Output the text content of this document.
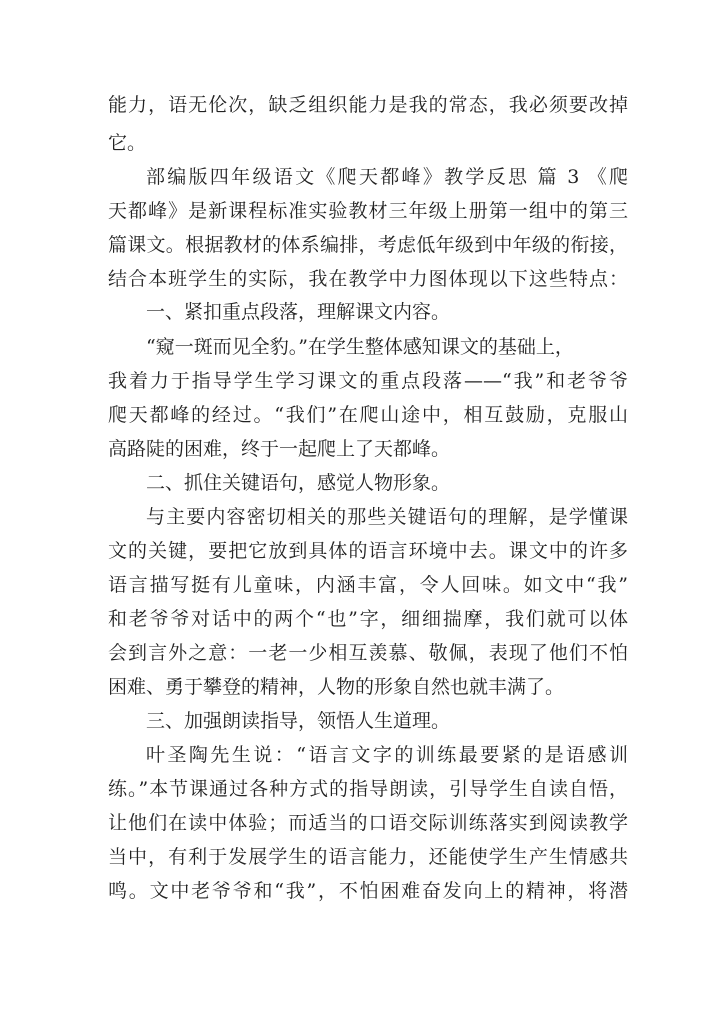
能力，语无伦次，缺乏组织能力是我的常态，我必须要改掉

它。

部编版四年级语文《爬天都峰》教学反思 篇 3 《爬

天都峰》是新课程标准实验教材三年级上册第一组中的第三

篇课文。根据教材的体系编排，考虑低年级到中年级的衔接，

结合本班学生的实际，我在教学中力图体现以下这些特点：

一、紧扣重点段落，理解课文内容。

“窥一斑而见全豹。”在学生整体感知课文的基础上，

我着力于指导学生学习课文的重点段落——“我”和老爷爷

爬天都峰的经过。“我们”在爬山途中，相互鼓励，克服山

高路陡的困难，终于一起爬上了天都峰。

二、抓住关键语句，感觉人物形象。

与主要内容密切相关的那些关键语句的理解，是学懂课

文的关键，要把它放到具体的语言环境中去。课文中的许多

语言描写挺有儿童味，内涵丰富，令人回味。如文中“我”

和老爷爷对话中的两个“也”字，细细揣摩，我们就可以体

会到言外之意：一老一少相互羡慕、敬佩，表现了他们不怕

困难、勇于攀登的精神，人物的形象自然也就丰满了。

三、加强朗读指导，领悟人生道理。

叶圣陶先生说：“语言文字的训练最要紧的是语感训

练。”本节课通过各种方式的指导朗读，引导学生自读自悟，

让他们在读中体验；而适当的口语交际训练落实到阅读教学

当中，有利于发展学生的语言能力，还能使学生产生情感共

鸣。文中老爷爷和“我”，不怕困难奋发向上的精神，将潜
